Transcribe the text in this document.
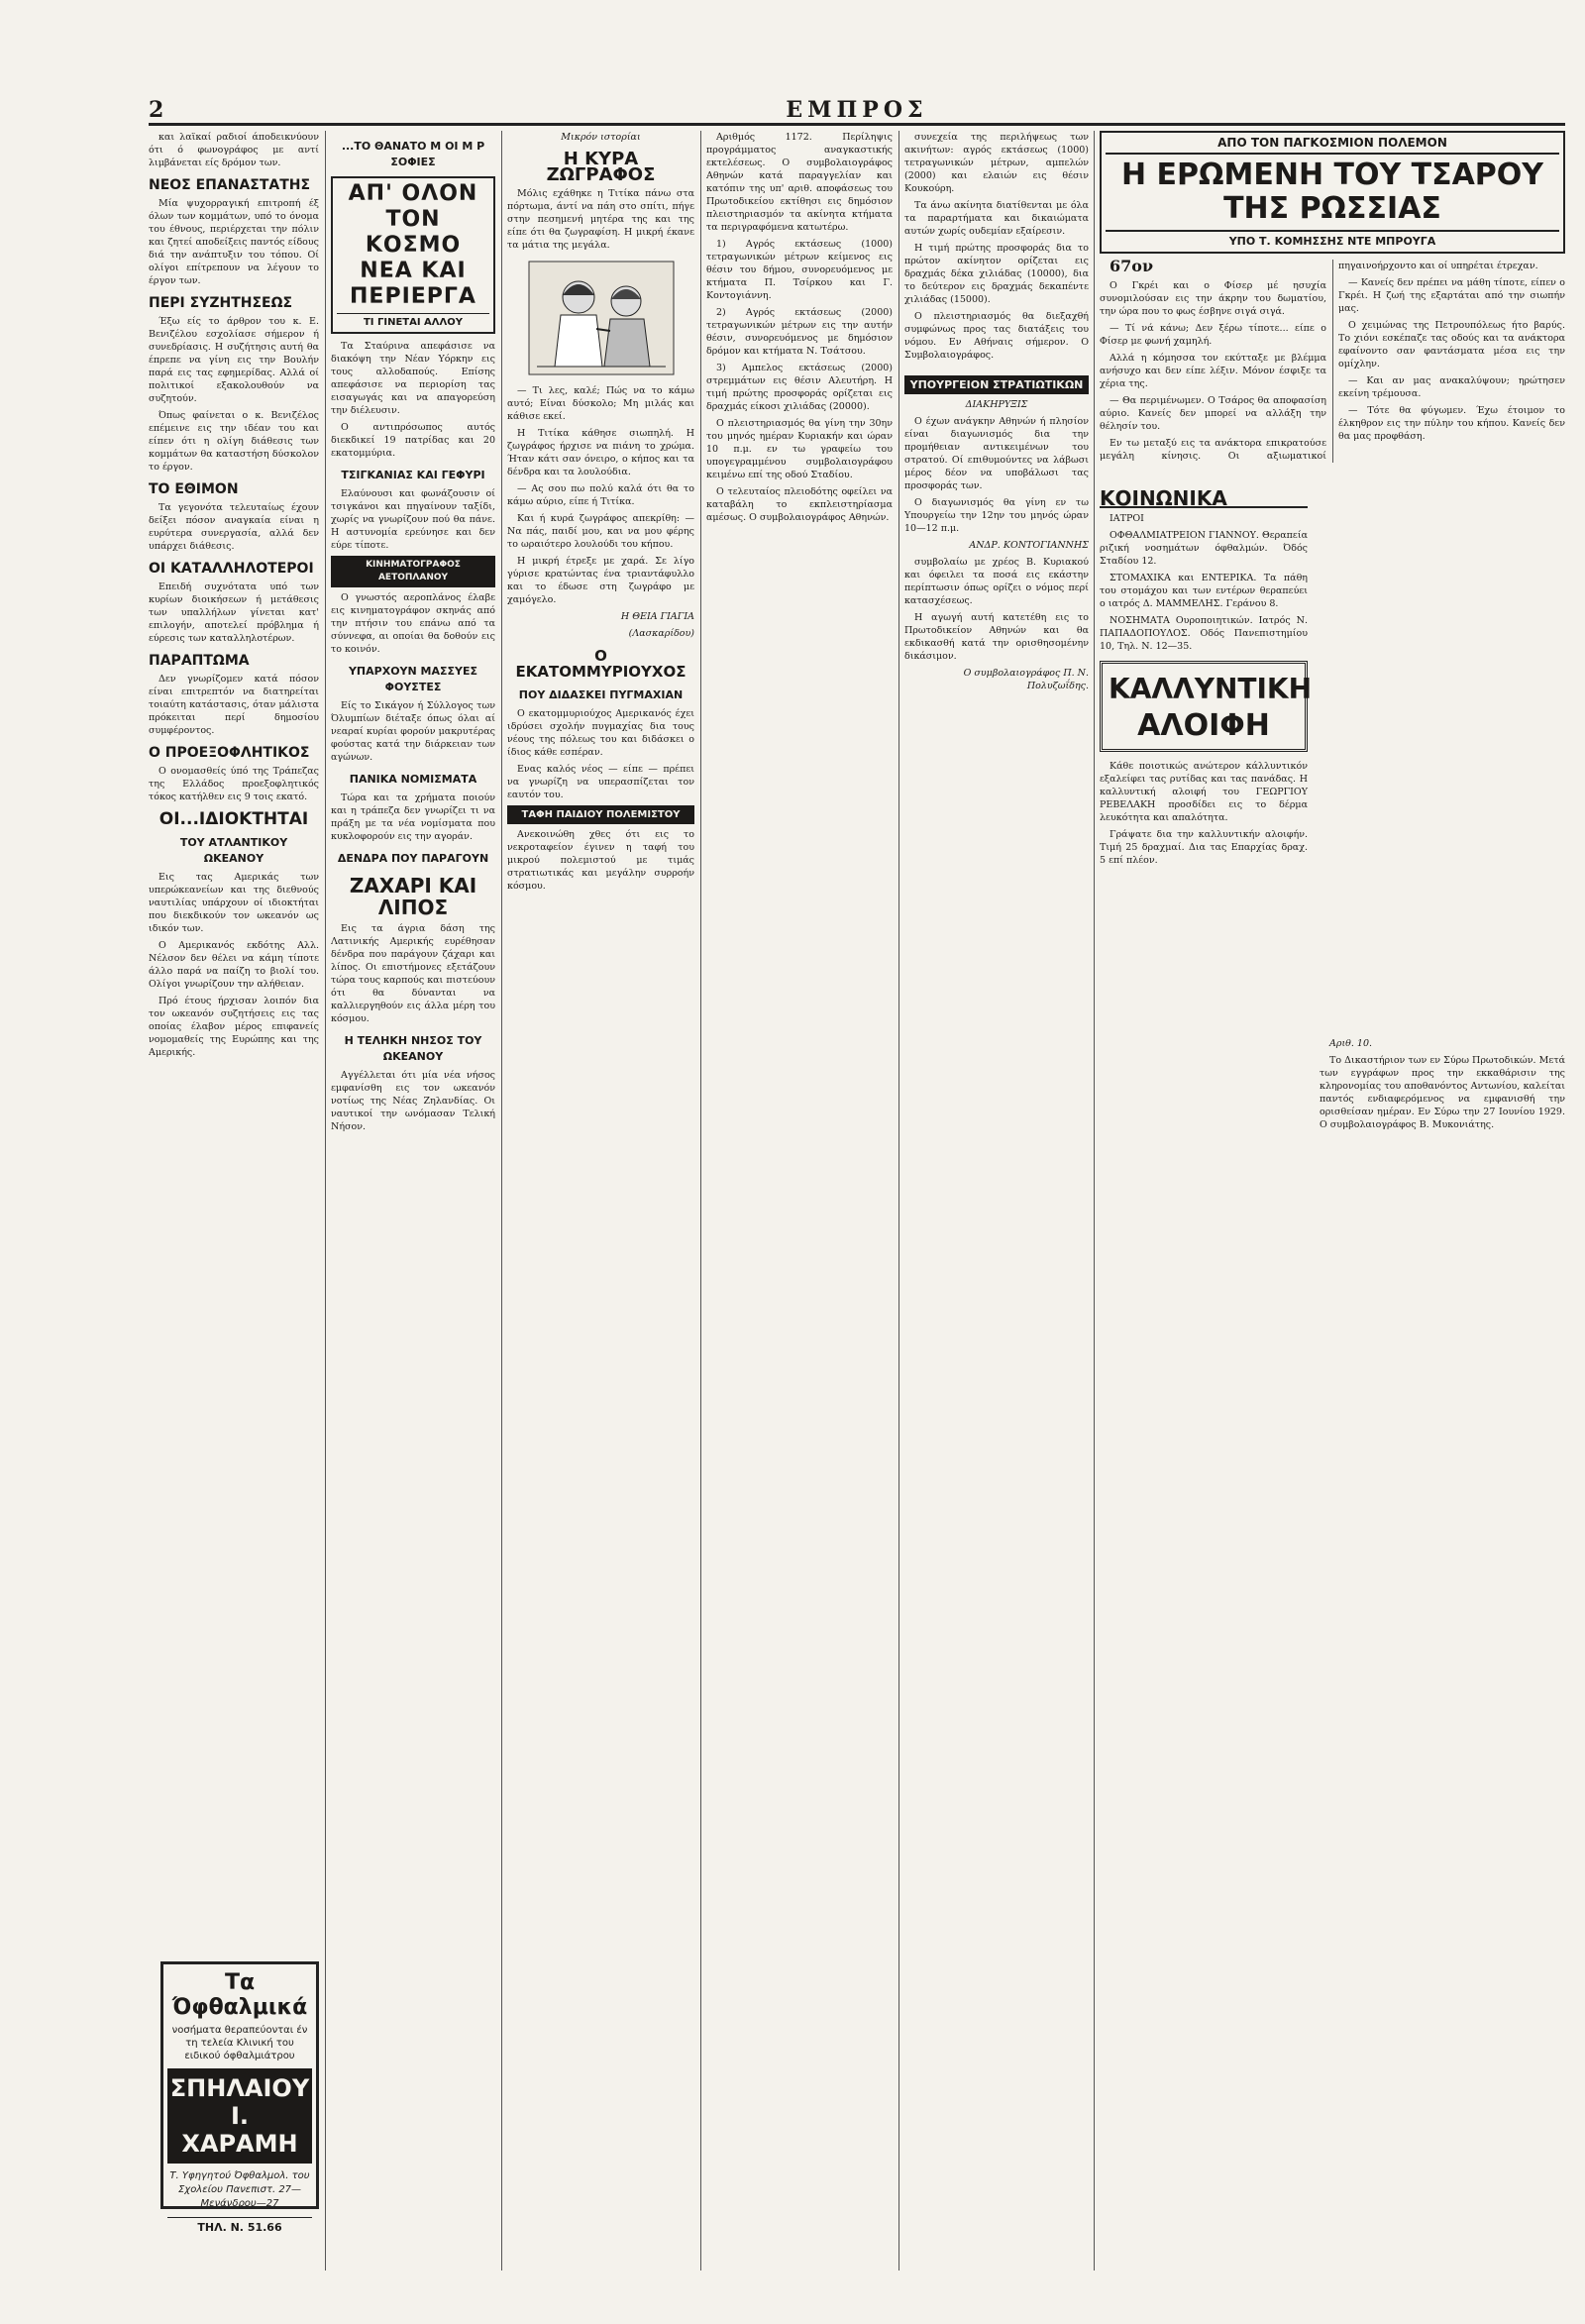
2	ΕΜΠΡΟΣ

και λαϊκαί ραδιοί άποδεικνύουν ότι ό φωνογράφος με αντί λιμβάνεται είς δρόμον των.

ΝΕΟΣ ΕΠΑΝΑΣΤΑΤΗΣ

Μία ψυχορραγική επιτροπή έξ όλων των κομμάτων, υπό το όνομα του έθνους, περιέρχεται την πόλιν και ζητεί αποδείξεις παντός είδους διά την ανάπτυξιν του τόπου. Οί ολίγοι επίτρεπουν να λέγουν το έργον των.

ΠΕΡΙ ΣΥΖΗΤΗΣΕΩΣ

Έξω είς το άρθρον του κ. Ε. Βενιζέλου εσχολίασε σήμερον ή συνεδρίασις. Η συζήτησις αυτή θα έπρεπε να γίνη εις την Βουλήν παρά εις τας εφημερίδας. Αλλά οί πολιτικοί εξακολουθούν να συζητούν.

Όπως φαίνεται ο κ. Βενιζέλος επέμεινε εις την ιδέαν του και είπεν ότι η ολίγη διάθεσις των κομμάτων θα καταστήση δύσκολον το έργον.

ΤΟ ΕΘΙΜΟΝ

Τα γεγονότα τελευταίως έχουν δείξει πόσον αναγκαία είναι η ευρύτερα συνεργασία, αλλά δεν υπάρχει διάθεσις.

ΟΙ ΚΑΤΑΛΛΗΛΟΤΕΡΟΙ

Επειδή συχνότατα υπό των κυρίων διοικήσεων ή μετάθεσις των υπαλλήλων γίνεται κατ' επιλογήν, αποτελεί πρόβλημα ή εύρεσις των καταλληλοτέρων.

ΠΑΡΑΠΤΩΜΑ

Δεν γνωρίζομεν κατά πόσον είναι επιτρεπτόν να διατηρείται τοιαύτη κατάστασις, όταν μάλιστα πρόκειται περί δημοσίου συμφέροντος.

Ο ΠΡΟΕΞΟΦΛΗΤΙΚΟΣ

Ο ονομασθείς ύπό της Τράπεζας της Ελλάδος προεξοφλητικός τόκος κατήλθεν εις 9 τοις εκατό.

ΟΙ...ΙΔΙΟΚΤΗΤΑΙ
ΤΟΥ ΑΤΛΑΝΤΙΚΟΥ ΩΚΕΑΝΟΥ

Εις τας Αμερικάς των υπερώκεανείων και της διεθνούς ναυτιλίας υπάρχουν οί ιδιοκτήται που διεκδικούν τον ωκεανόν ως ιδικόν των.

Ο Αμερικανός εκδότης Αλλ. Νέλσον δεν θέλει να κάμη τίποτε άλλο παρά να παίζη το βιολί του. Ολίγοι γνωρίζουν την αλήθειαν.

Πρό έτους ήρχισαν λοιπόν δια τον ωκεανόν συζητήσεις εις τας οποίας έλαβον μέρος επιφανείς νομομαθείς της Ευρώπης και της Αμερικής.

Τα Όφθαλμικά
νοσήματα θεραπεύονται έν τη τελεία Κλινική του ειδικού όφθαλμιάτρου
ΣΠΗΛΑΙΟΥ Ι. ΧΑΡΑΜΗ
Τ. Υφηγητού Όφθαλμολ. του Σχολείου Πανεπιστ. 27—Μενάνδρου—27
ΤΗΛ. Ν. 51.66
...ΤΟ ΘΑΝΑΤΟ Μ ΟΙ Μ Ρ ΣΟΦΙΕΣ
ΑΠ' ΟΛΟΝ ΤΟΝ ΚΟΣΜΟ ΝΕΑ ΚΑΙ ΠΕΡΙΕΡΓΑ
ΤΙ ΓΙΝΕΤΑΙ ΑΛΛΟΥ

Τα Σταύρινα απεφάσισε να διακόψη την Νέαν Υόρκην εις τους αλλοδαπούς. Επίσης απεφάσισε να περιορίση τας εισαγωγάς και να απαγορεύση την διέλευσιν.

Ο αντιπρόσωπος αυτός διεκδικεί 19 πατρίδας και 20 εκατομμύρια.

ΤΣΙΓΚΑΝΙΑΣ ΚΑΙ ΓΕΦΥΡΙ

Ελαύνουσι και φωνάζουσιν οί τσιγκάνοι και πηγαίνουν ταξίδι, χωρίς να γνωρίζουν πού θα πάνε. Η αστυνομία ερεύνησε και δεν εύρε τίποτε.

ΚΙΝΗΜΑΤΟΓΡΑΦΟΣ ΑΕΤΟΠΛΑΝΟΥ

Ο γνωστός αεροπλάνος έλαβε εις κινηματογράφον σκηνάς από την πτήσιν του επάνω από τα σύννεφα, αι οποίαι θα δοθούν εις το κοινόν.

ΥΠΑΡΧΟΥΝ ΜΑΣΣΥΕΣ ΦΟΥΣΤΕΣ

Είς το Σικάγον ή Σύλλογος των Όλυμπίων διέταξε όπως όλαι αί νεαραί κυρίαι φορούν μακρυτέρας φούστας κατά την διάρκειαν των αγώνων.

ΠΑΝΙΚΑ ΝΟΜΙΣΜΑΤΑ

Τώρα και τα χρήματα ποιούν και η τράπεζα δεν γνωρίζει τι να πράξη με τα νέα νομίσματα που κυκλοφορούν εις την αγοράν.

ΔΕΝΔΡΑ ΠΟΥ ΠΑΡΑΓΟΥΝ
ΖΑΧΑΡΙ ΚΑΙ ΛΙΠΟΣ

Εις τα άγρια δάση της Λατινικής Αμερικής ευρέθησαν δένδρα που παράγουν ζάχαρι και λίπος. Οι επιστήμονες εξετάζουν τώρα τους καρπούς και πιστεύουν ότι θα δύνανται να καλλιεργηθούν εις άλλα μέρη του κόσμου.

Η ΤΕΛΗΚΗ ΝΗΣΟΣ ΤΟΥ ΩΚΕΑΝΟΥ

Αγγέλλεται ότι μία νέα νήσος εμφανίσθη εις τον ωκεανόν νοτίως της Νέας Ζηλανδίας. Οι ναυτικοί την ωνόμασαν Τελική Νήσον.

Μικρόν ιστορίαι

Η ΚΥΡΑ ΖΩΓΡΑΦΟΣ

Μόλις εχάθηκε η Τιτίκα πάνω στα πόρτωμα, άντί να πάη στο σπίτι, πήγε στην πεσημενή μητέρα της και της είπε ότι θα ζωγραφίση. Η μικρή έκανε τα μάτια της μεγάλα.

— Τι λες, καλέ; Πώς να το κάμω αυτό; Είναι δύσκολο; Μη μιλάς και κάθισε εκεί.

Η Τιτίκα κάθησε σιωπηλή. Η ζωγράφος ήρχισε να πιάνη το χρώμα. Ήταν κάτι σαν όνειρο, ο κήπος και τα δένδρα και τα λουλούδια.

— Ας σου πω πολύ καλά ότι θα το κάμω αύριο, είπε ή Τιτίκα.

Και ή κυρά ζωγράφος απεκρίθη: — Να πάς, παιδί μου, και να μου φέρης το ωραιότερο λουλούδι του κήπου.

Η μικρή έτρεξε με χαρά. Σε λίγο γύρισε κρατώντας ένα τριαντάφυλλο και το έδωσε στη ζωγράφο με χαμόγελο.

Η ΘΕΙΑ ΓΙΑΓΙΑ

(Λασκαρίδου)

Ο ΕΚΑΤΟΜΜΥΡΙΟΥΧΟΣ
ΠΟΥ ΔΙΔΑΣΚΕΙ ΠΥΓΜΑΧΙΑΝ

Ο εκατομμυριούχος Αμερικανός έχει ιδρύσει σχολήν πυγμαχίας δια τους νέους της πόλεως του και διδάσκει ο ίδιος κάθε εσπέραν.

Ενας καλός νέος — είπε — πρέπει να γνωρίζη να υπερασπίζεται τον εαυτόν του.

ΤΑΦΗ ΠΑΙΔΙΟΥ ΠΟΛΕΜΙΣΤΟΥ

Ανεκοινώθη χθες ότι εις το νεκροταφείον έγινεν η ταφή του μικρού πολεμιστού με τιμάς στρατιωτικάς και μεγάλην συρροήν κόσμου.

Αριθμός 1172. Περίληψις προγράμματος αναγκαστικής εκτελέσεως. Ο συμβολαιογράφος Αθηνών κατά παραγγελίαν και κατόπιν της υπ' αριθ. αποφάσεως του Πρωτοδικείου εκτίθησι εις δημόσιον πλειστηριασμόν τα ακίνητα κτήματα τα περιγραφόμενα κατωτέρω.

1) Αγρός εκτάσεως (1000) τετραγωνικών μέτρων κείμενος εις θέσιν του δήμου, συνορευόμενος με κτήματα Π. Τσίρκου και Γ. Κοντογιάννη.

2) Αγρός εκτάσεως (2000) τετραγωνικών μέτρων εις την αυτήν θέσιν, συνορευόμενος με δημόσιον δρόμον και κτήματα Ν. Τσάτσου.

3) Αμπελος εκτάσεως (2000) στρεμμάτων εις θέσιν Αλευτήρη. Η τιμή πρώτης προσφοράς ορίζεται εις δραχμάς είκοσι χιλιάδας (20000).

Ο πλειστηριασμός θα γίνη την 30ην του μηνός ημέραν Κυριακήν και ώραν 10 π.μ. εν τω γραφείω του υπογεγραμμένου συμβολαιογράφου κειμένω επί της οδού Σταδίου.

Ο τελευταίος πλειοδότης οφείλει να καταβάλη το εκπλειστηρίασμα αμέσως. Ο συμβολαιογράφος Αθηνών.

συνεχεία της περιλήψεως των ακινήτων: αγρός εκτάσεως (1000) τετραγωνικών μέτρων, αμπελών (2000) και ελαιών εις θέσιν Κουκούρη.

Τα άνω ακίνητα διατίθενται με όλα τα παραρτήματα και δικαιώματα αυτών χωρίς ουδεμίαν εξαίρεσιν.

Η τιμή πρώτης προσφοράς δια το πρώτον ακίνητον ορίζεται εις δραχμάς δέκα χιλιάδας (10000), δια το δεύτερον εις δραχμάς δεκαπέντε χιλιάδας (15000).

Ο πλειστηριασμός θα διεξαχθή συμφώνως προς τας διατάξεις του νόμου. Εν Αθήναις σήμερον. Ο Συμβολαιογράφος.

ΥΠΟΥΡΓΕΙΟΝ ΣΤΡΑΤΙΩΤΙΚΩΝ

ΔΙΑΚΗΡΥΞΙΣ

Ο έχων ανάγκην Αθηνών ή πλησίον είναι διαγωνισμός δια την προμήθειαν αντικειμένων του στρατού. Οί επιθυμούντες να λάβωσι μέρος δέον να υποβάλωσι τας προσφοράς των.

Ο διαγωνισμός θα γίνη εν τω Υπουργείω την 12ην του μηνός ώραν 10—12 π.μ.

ΑΝΔΡ. ΚΟΝΤΟΓΙΑΝΝΗΣ

συμβολαίω με χρέος Β. Κυριακού και όφειλει τα ποσά εις εκάστην περίπτωσιν όπως ορίζει ο νόμος περί κατασχέσεως.

Η αγωγή αυτή κατετέθη εις το Πρωτοδικείον Αθηνών και θα εκδικασθή κατά την ορισθησομένην δικάσιμον.

Ο συμβολαιογράφος Π. Ν. Πολυζωΐδης.

ΑΠΟ ΤΟΝ ΠΑΓΚΟΣΜΙΟΝ ΠΟΛΕΜΟΝ
Η ΕΡΩΜΕΝΗ ΤΟΥ ΤΣΑΡΟΥ ΤΗΣ ΡΩΣΣΙΑΣ
ΥΠΟ Τ. ΚΟΜΗΣΣΗΣ ΝΤΕ ΜΠΡΟΥΓΑ

67ον

Ο Γκρέι και ο Φίσερ μέ ησυχία συνομιλούσαν εις την άκρην του δωματίου, την ώρα που το φως έσβηνε σιγά σιγά.

— Τί νά κάνω; Δεν ξέρω τίποτε... είπε ο Φίσερ με φωνή χαμηλή.

Αλλά η κόμησσα τον εκύτταξε με βλέμμα ανήσυχο και δεν είπε λέξιν. Μόνον έσφιξε τα χέρια της.

— Θα περιμένωμεν. Ο Τσάρος θα αποφασίση αύριο. Κανείς δεν μπορεί να αλλάξη την θέλησίν του.

Εν τω μεταξύ εις τα ανάκτορα επικρατούσε μεγάλη κίνησις. Οι αξιωματικοί πηγαινοήρχοντο και οί υπηρέται έτρεχαν.

— Κανείς δεν πρέπει να μάθη τίποτε, είπεν ο Γκρέι. Η ζωή της εξαρτάται από την σιωπήν μας.

Ο χειμώνας της Πετρουπόλεως ήτο βαρύς. Το χιόνι εσκέπαζε τας οδούς και τα ανάκτορα εφαίνοντο σαν φαντάσματα μέσα εις την ομίχλην.

— Και αν μας ανακαλύψουν; ηρώτησεν εκείνη τρέμουσα.

— Τότε θα φύγωμεν. Έχω έτοιμον το έλκηθρον εις την πύλην του κήπου. Κανείς δεν θα μας προφθάση.

ΚΟΙΝΩΝΙΚΑ

ΙΑΤΡΟΙ

ΟΦΘΑΛΜΙΑΤΡΕΙΟΝ ΓΙΑΝΝΟΥ. Θεραπεία ριζική νοσημάτων όφθαλμών. Όδός Σταδίου 12.

ΣΤΟΜΑΧΙΚΑ και ΕΝΤΕΡΙΚΑ. Τα πάθη του στομάχου και των εντέρων θεραπεύει ο ιατρός Δ. ΜΑΜΜΕΛΗΣ. Γεράνου 8.

ΝΟΣΗΜΑΤΑ Ουροποιητικών. Ιατρός Ν. ΠΑΠΑΔΟΠΟΥΛΟΣ. Οδός Πανεπιστημίου 10, Τηλ. Ν. 12—35.

ΚΑΛΛΥΝΤΙΚΗ
ΑΛΟΙΦΗ

Κάθε ποιοτικώς ανώτερον κάλλυντικόν εξαλείφει τας ρυτίδας και τας πανάδας. Η καλλυντική αλοιφή του ΓΕΩΡΓΙΟΥ ΡΕΒΕΛΑΚΗ προσδίδει εις το δέρμα λευκότητα και απαλότητα.

Γράψατε δια την καλλυντικήν αλοιφήν. Τιμή 25 δραχμαί. Δια τας Επαρχίας δραχ. 5 επί πλέον.

Αριθ. 10.

Το Δικαστήριον των εν Σύρω Πρωτοδικών. Μετά των εγγράφων προς την εκκαθάρισιν της κληρονομίας του αποθανόντος Αντωνίου, καλείται παντός ενδιαφερόμενος να εμφανισθή την ορισθείσαν ημέραν. Εν Σύρω την 27 Ιουνίου 1929. Ο συμβολαιογράφος Β. Μυκονιάτης.
